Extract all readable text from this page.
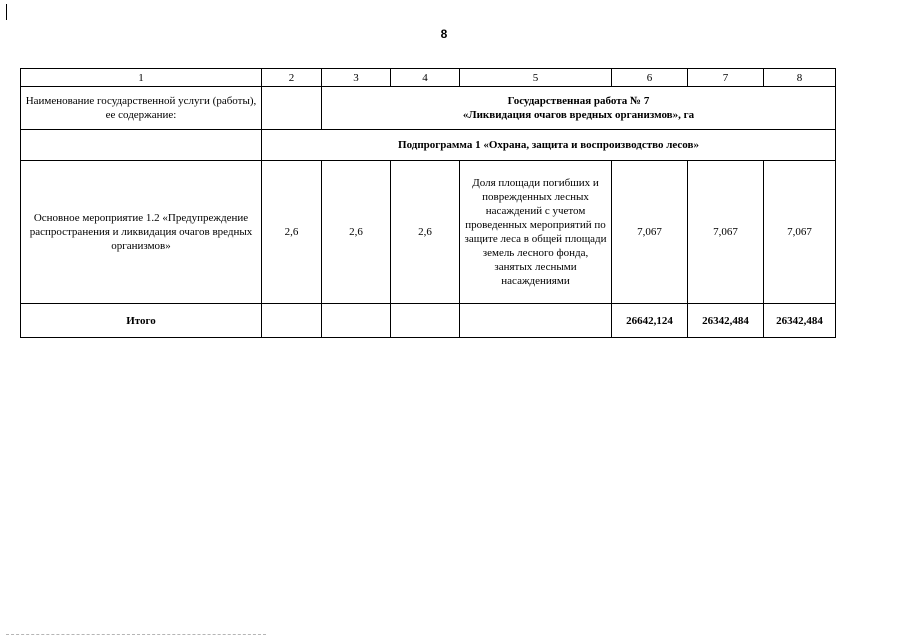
8
1	2	3	4	5	6	7	8
Наименование государственной услуги (работы), ее содержание:		Государственная работа № 7
«Ликвидация очагов вредных организмов», га					

	Подпрограмма 1 «Охрана, защита и воспроизводство лесов»						
Основное мероприятие 1.2 «Предупреждение распространения и ликвидация очагов вредных организмов»	2,6	2,6	2,6	Доля площади погибших и поврежденных лесных насаждений с учетом проведенных мероприятий по защите леса в общей площади земель лесного фонда, занятых лесными насаждениями	7,067	7,067	7,067
Итого					26642,124	26342,484	26342,484
